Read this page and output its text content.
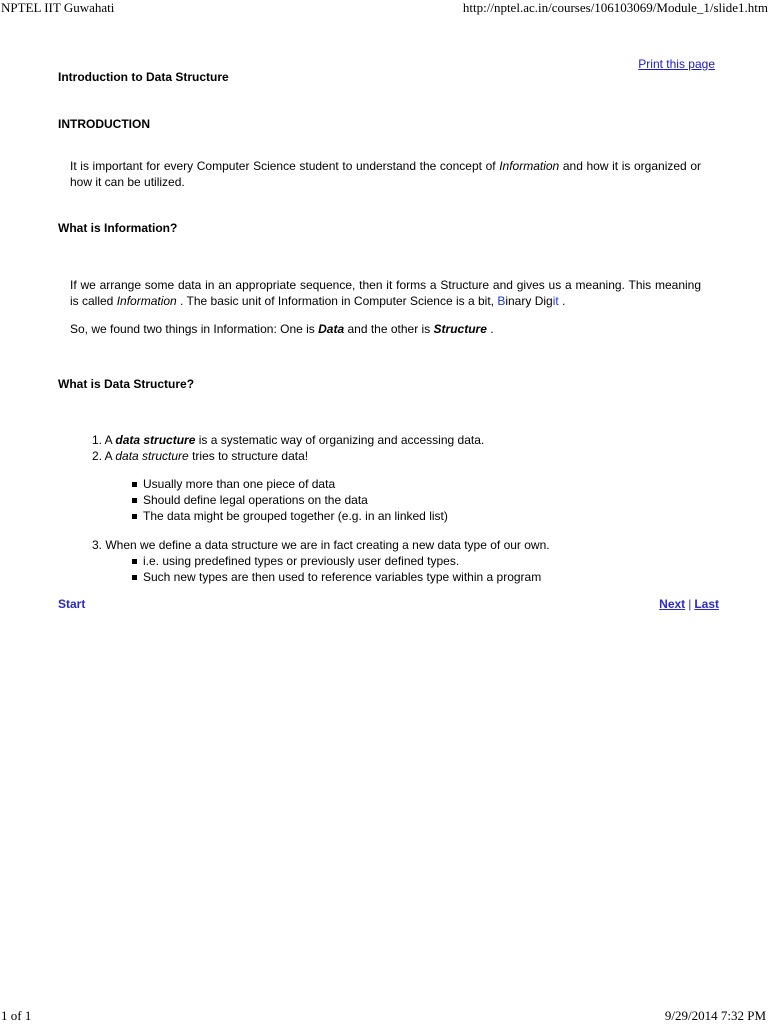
NPTEL IIT Guwahati	http://nptel.ac.in/courses/106103069/Module_1/slide1.htm
Print this page
Introduction to Data Structure
INTRODUCTION
It is important for every Computer Science student to understand the concept of Information and how it is organized or how it can be utilized.
What is Information?
If we arrange some data in an appropriate sequence, then it forms a Structure and gives us a meaning. This meaning is called Information . The basic unit of Information in Computer Science is a bit, Binary Digit .
So, we found two things in Information: One is Data and the other is Structure .
What is Data Structure?
1. A data structure is a systematic way of organizing and accessing data.
2. A data structure tries to structure data!
Usually more than one piece of data
Should define legal operations on the data
The data might be grouped together (e.g. in an linked list)
3. When we define a data structure we are in fact creating a new data type of our own.
i.e. using predefined types or previously user defined types.
Such new types are then used to reference variables type within a program
Start	Next | Last
1 of 1	9/29/2014 7:32 PM
